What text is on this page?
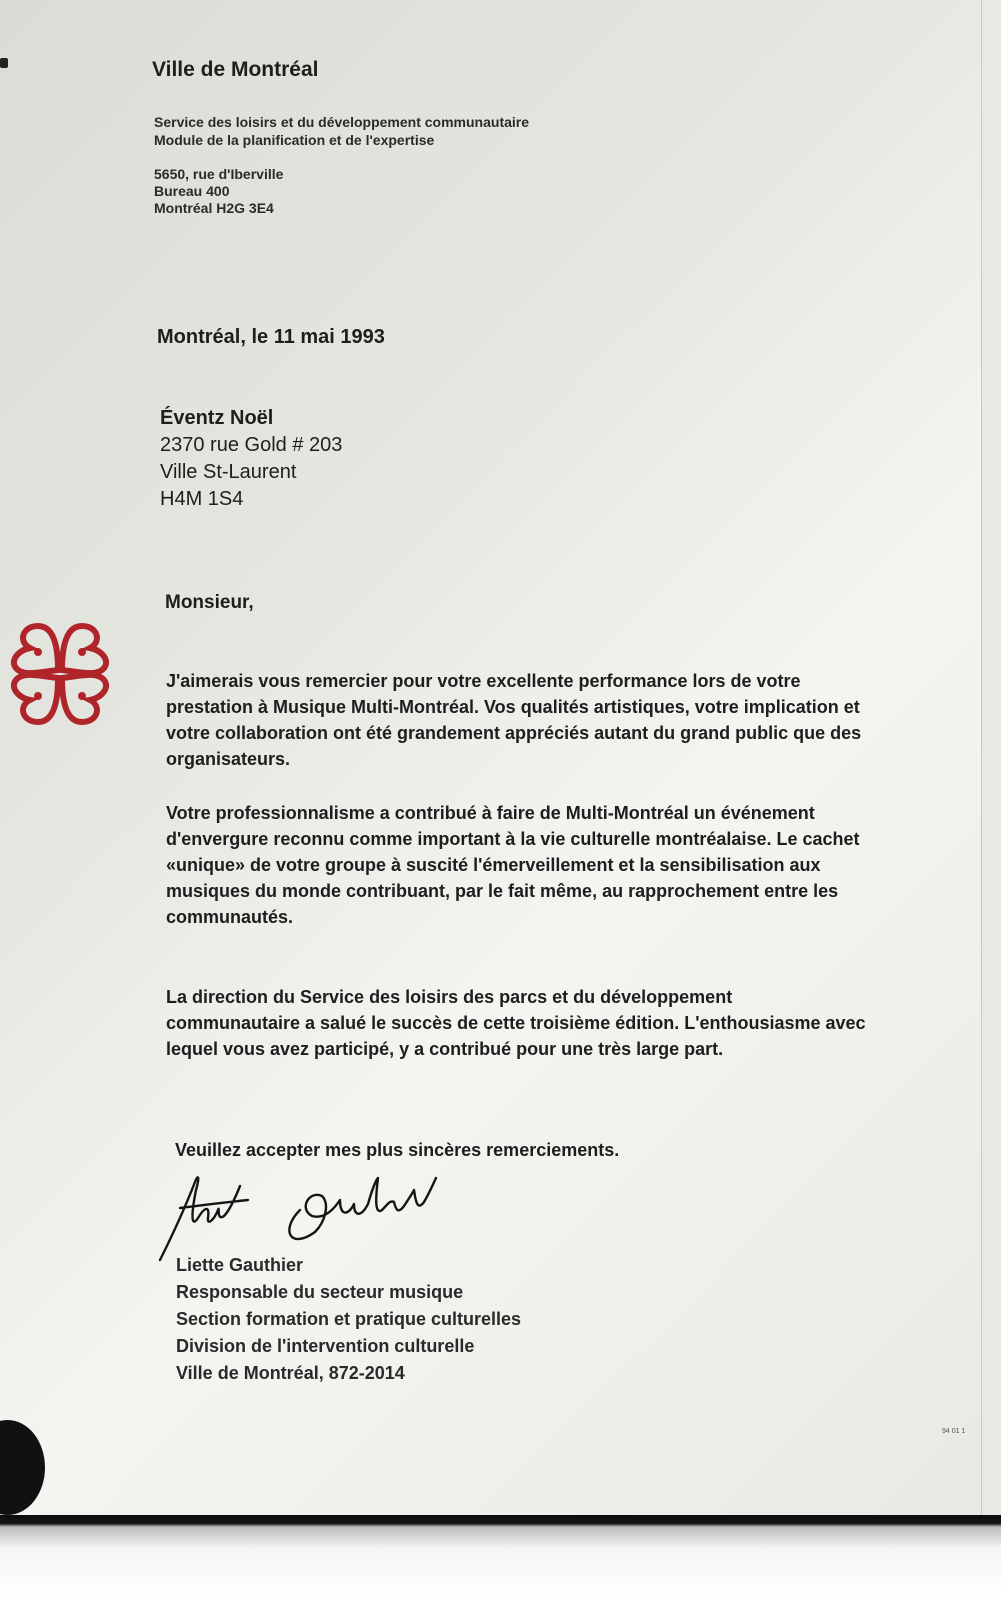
Ville de Montréal
Service des loisirs et du développement communautaire
Module de la planification et de l'expertise
5650, rue d'Iberville
Bureau 400
Montréal H2G 3E4
Montréal, le 11 mai 1993
Éventz Noël
2370 rue Gold # 203
Ville St-Laurent
H4M 1S4
Monsieur,
J'aimerais vous remercier pour votre excellente performance lors de votre prestation à Musique Multi-Montréal. Vos qualités artistiques, votre implication et votre collaboration ont été grandement appréciés autant du grand public que des organisateurs.
Votre professionnalisme a contribué à faire de Multi-Montréal un événement d'envergure reconnu comme important à la vie culturelle montréalaise. Le cachet «unique» de votre groupe à suscité l'émerveillement et la sensibilisation aux musiques du monde contribuant, par le fait même, au rapprochement entre les communautés.
La direction du Service des loisirs des parcs et du développement communautaire a salué le succès de cette troisième édition. L'enthousiasme avec lequel vous avez participé, y a contribué pour une très large part.
Veuillez accepter mes plus sincères remerciements.
Liette Gauthier
Responsable du secteur musique
Section formation et pratique culturelles
Division de l'intervention culturelle
Ville de Montréal, 872-2014
94 01 1
